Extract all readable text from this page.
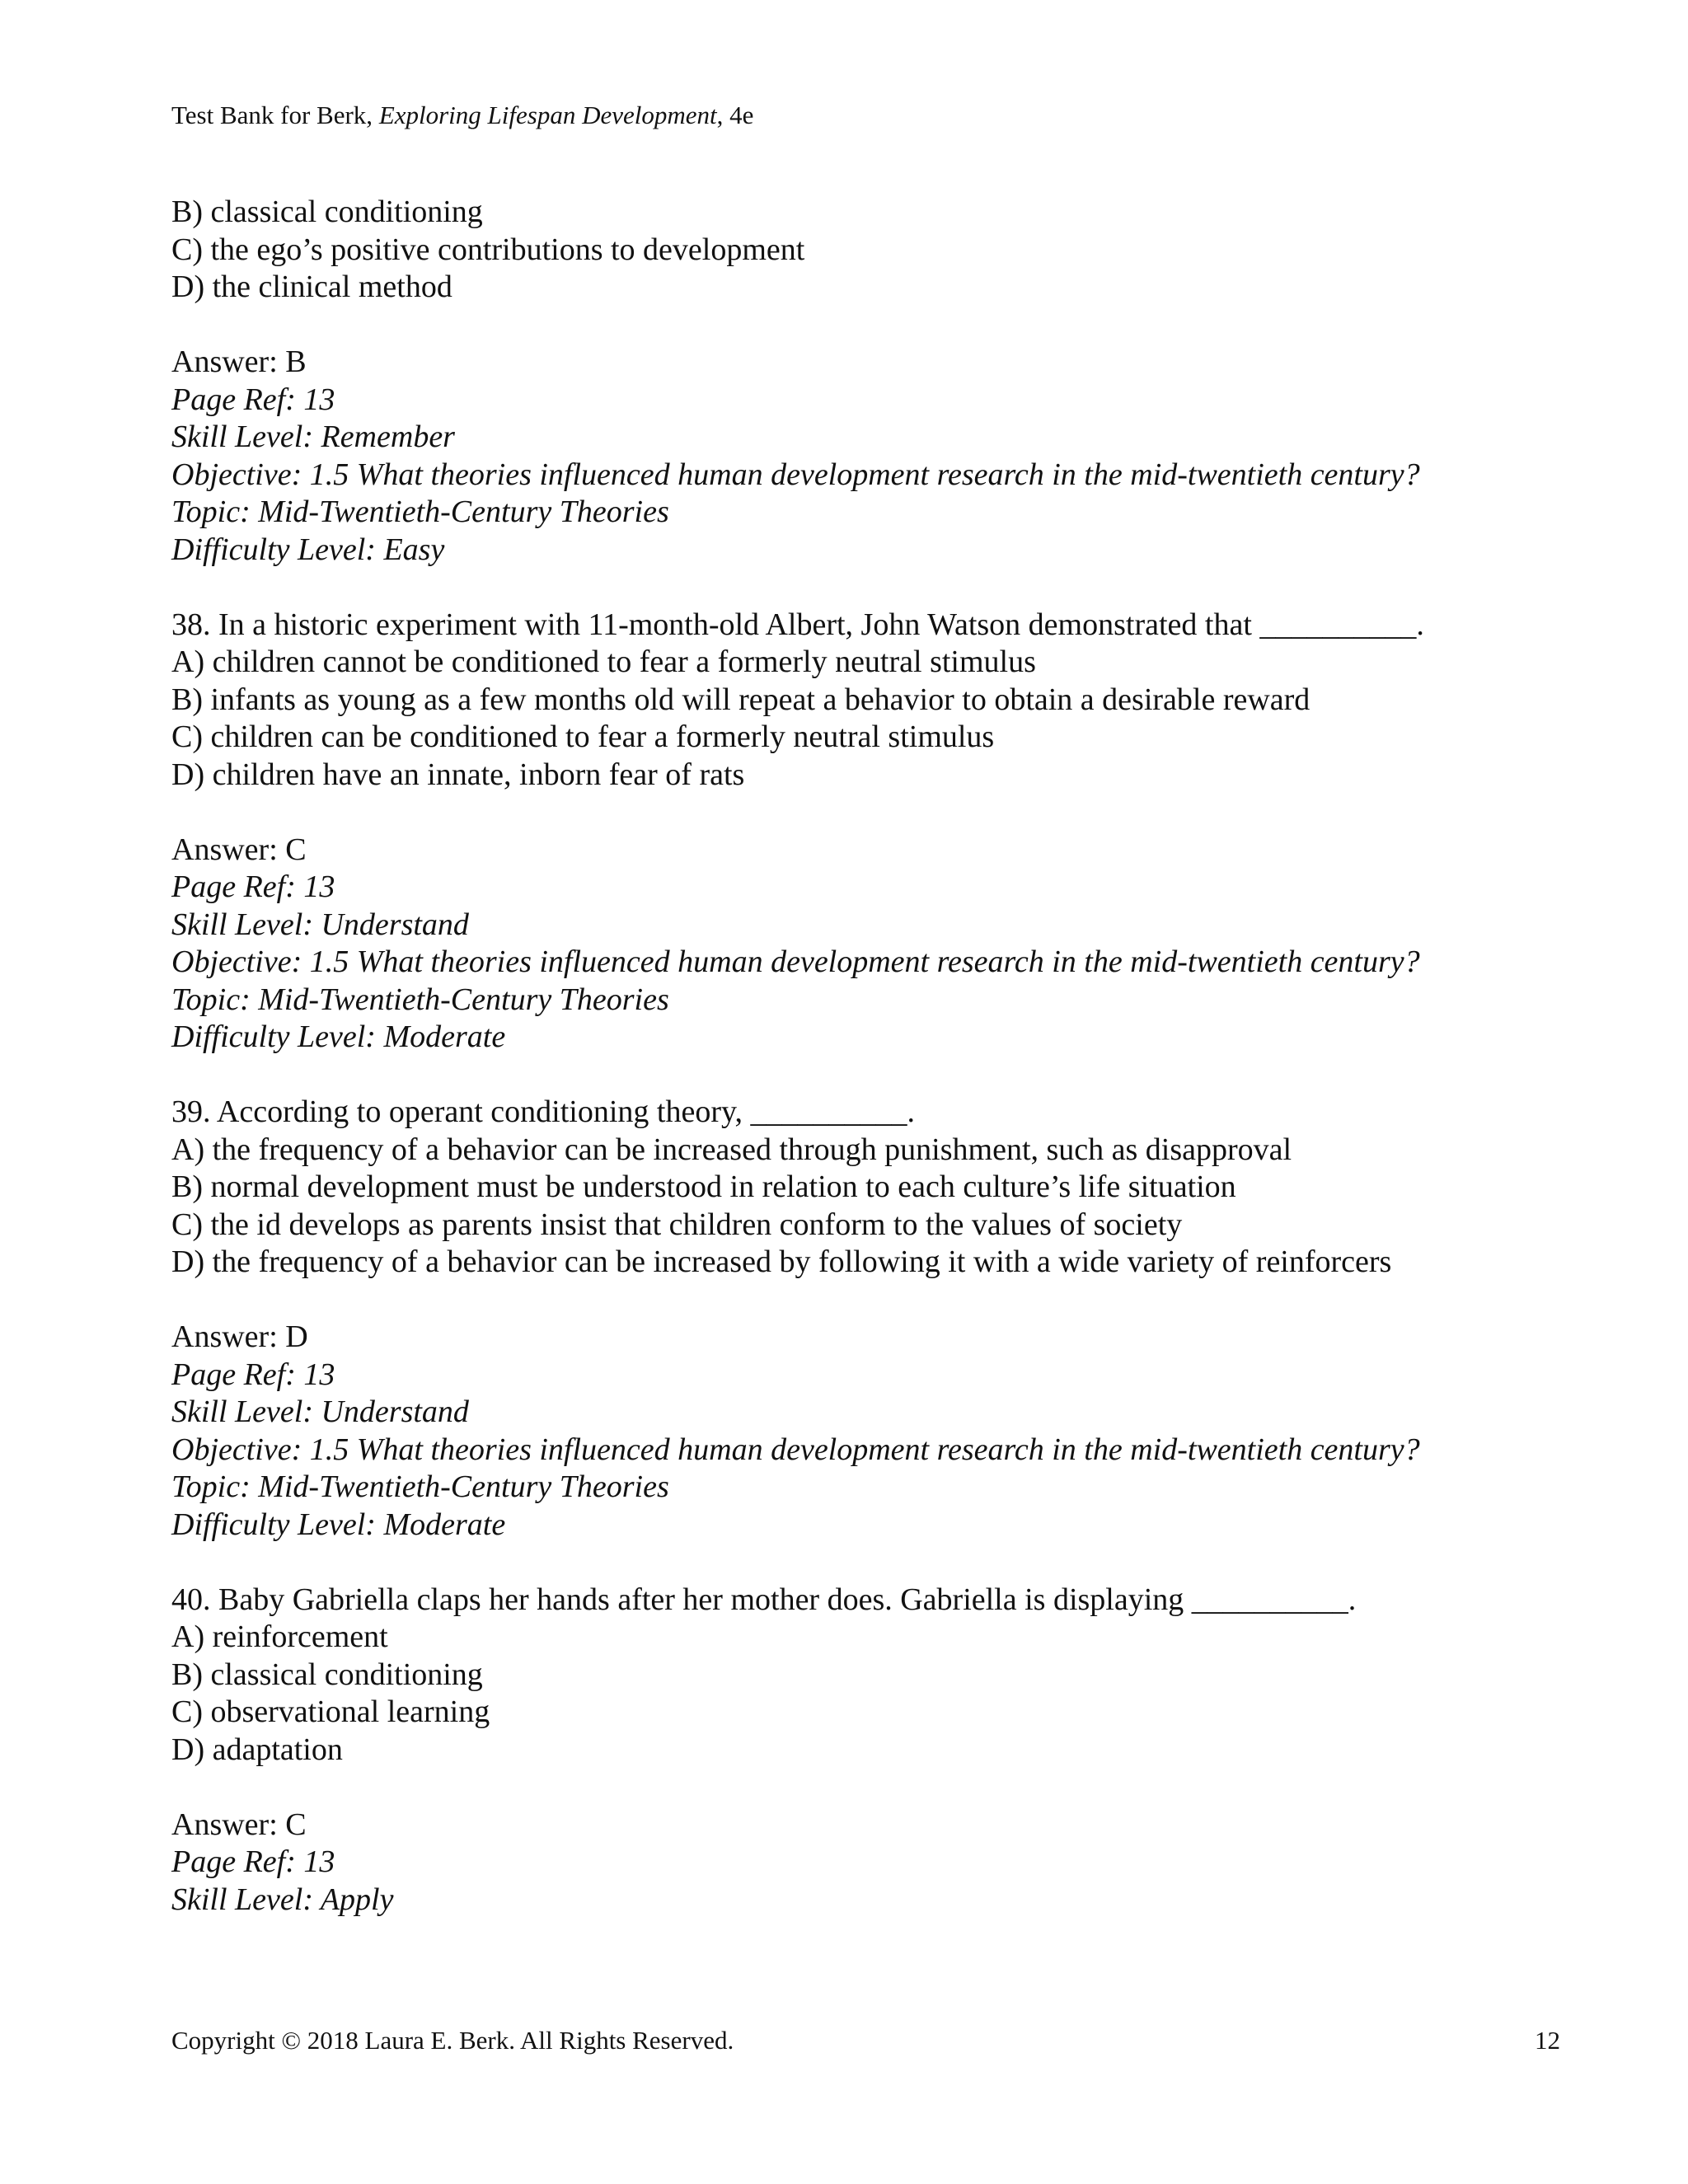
Test Bank for Berk, Exploring Lifespan Development, 4e
B) classical conditioning
C) the ego’s positive contributions to development
D) the clinical method
Answer: B
Page Ref: 13
Skill Level: Remember
Objective: 1.5 What theories influenced human development research in the mid-twentieth century?
Topic: Mid-Twentieth-Century Theories
Difficulty Level: Easy
38. In a historic experiment with 11-month-old Albert, John Watson demonstrated that __________.
A) children cannot be conditioned to fear a formerly neutral stimulus
B) infants as young as a few months old will repeat a behavior to obtain a desirable reward
C) children can be conditioned to fear a formerly neutral stimulus
D) children have an innate, inborn fear of rats
Answer: C
Page Ref: 13
Skill Level: Understand
Objective: 1.5 What theories influenced human development research in the mid-twentieth century?
Topic: Mid-Twentieth-Century Theories
Difficulty Level: Moderate
39. According to operant conditioning theory, __________.
A) the frequency of a behavior can be increased through punishment, such as disapproval
B) normal development must be understood in relation to each culture’s life situation
C) the id develops as parents insist that children conform to the values of society
D) the frequency of a behavior can be increased by following it with a wide variety of reinforcers
Answer: D
Page Ref: 13
Skill Level: Understand
Objective: 1.5 What theories influenced human development research in the mid-twentieth century?
Topic: Mid-Twentieth-Century Theories
Difficulty Level: Moderate
40. Baby Gabriella claps her hands after her mother does. Gabriella is displaying __________.
A) reinforcement
B) classical conditioning
C) observational learning
D) adaptation
Answer: C
Page Ref: 13
Skill Level: Apply
Copyright © 2018 Laura E. Berk. All Rights Reserved.	12
